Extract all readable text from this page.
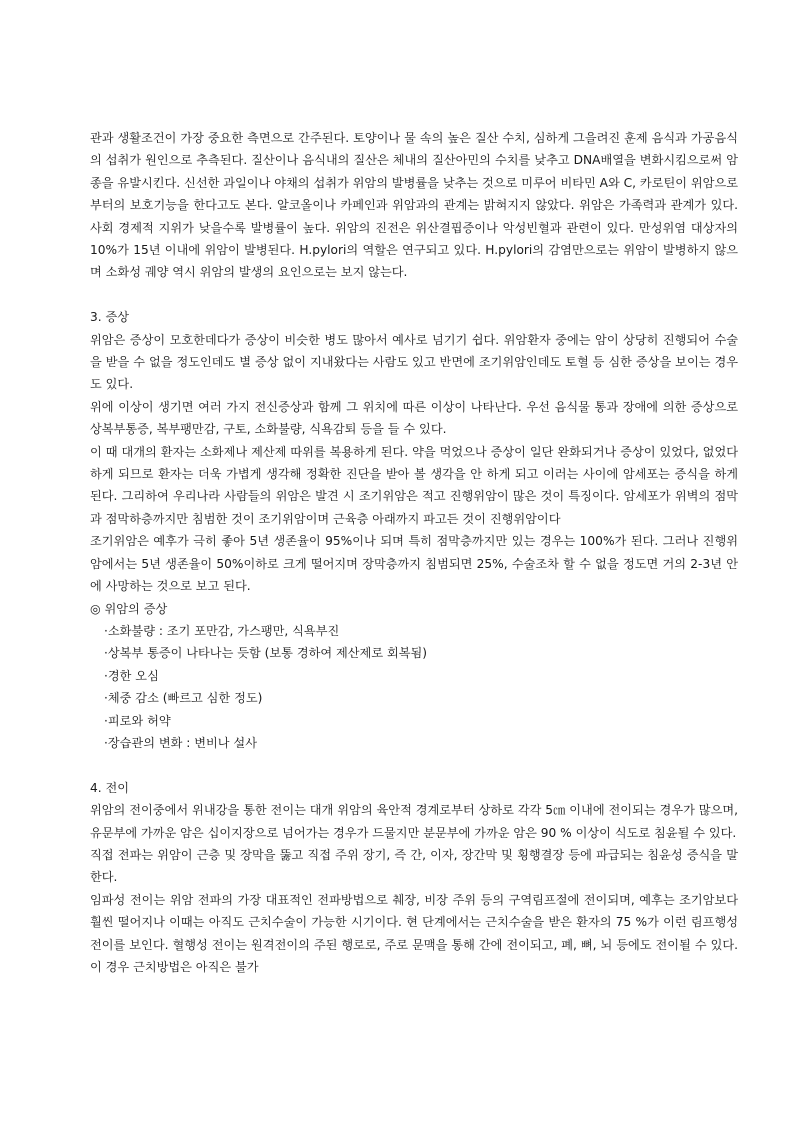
관과 생활조건이 가장 중요한 측면으로 간주된다. 토양이나 물 속의 높은 질산 수치, 심하게 그을려진 훈제 음식과 가공음식의 섭취가 원인으로 추측된다. 질산이나 음식내의 질산은 체내의 질산아민의 수치를 낮추고 DNA배열을 변화시킴으로써 암종을 유발시킨다. 신선한 과일이나 야채의 섭취가 위암의 발병률을 낮추는 것으로 미루어 비타민 A와 C, 카로틴이 위암으로부터의 보호기능을 한다고도 본다. 알코올이나 카페인과 위암과의 관계는 밝혀지지 않았다. 위암은 가족력과 관계가 있다. 사회 경제적 지위가 낮을수록 발병률이 높다. 위암의 진전은 위산결핍증이나 악성빈혈과 관련이 있다. 만성위염 대상자의 10%가 15년 이내에 위암이 발병된다. H.pylori의 역할은 연구되고 있다. H.pylori의 감염만으로는 위암이 발병하지 않으며 소화성 궤양 역시 위암의 발생의 요인으로는 보지 않는다.

3. 증상

위암은 증상이 모호한데다가 증상이 비슷한 병도 많아서 예사로 넘기기 쉽다. 위암환자 중에는 암이 상당히 진행되어 수술을 받을 수 없을 정도인데도 별 증상 없이 지내왔다는 사람도 있고 반면에 조기위암인데도 토혈 등 심한 증상을 보이는 경우도 있다.

위에 이상이 생기면 여러 가지 전신증상과 함께 그 위치에 따른 이상이 나타난다. 우선 음식물 통과 장애에 의한 증상으로 상복부통증, 복부팽만감, 구토, 소화불량, 식욕감퇴 등을 들 수 있다.

이 때 대개의 환자는 소화제나 제산제 따위를 복용하게 된다. 약을 먹었으나 증상이 일단 완화되거나 증상이 있었다, 없었다 하게 되므로 환자는 더욱 가볍게 생각해 정확한 진단을 받아 볼 생각을 안 하게 되고 이러는 사이에 암세포는 증식을 하게 된다. 그리하여 우리나라 사람들의 위암은 발견 시 조기위암은 적고 진행위암이 많은 것이 특징이다. 암세포가 위벽의 점막과 점막하층까지만 침범한 것이 조기위암이며 근육층 아래까지 파고든 것이 진행위암이다

조기위암은 예후가 극히 좋아 5년 생존율이 95%이나 되며 특히 점막층까지만 있는 경우는 100%가 된다. 그러나 진행위암에서는 5년 생존율이 50%이하로 크게 떨어지며 장막층까지 침범되면 25%, 수술조차 할 수 없을 정도면 거의 2-3년 안에 사망하는 것으로 보고 된다.

◎ 위암의 증상

·소화불량 : 조기 포만감, 가스팽만, 식욕부진
·상복부 통증이 나타나는 듯함 (보통 경하여 제산제로 회복됨)
·경한 오심
·체중 감소 (빠르고 심한 정도)
·피로와 허약
·장습관의 변화 : 변비나 설사

4. 전이

위암의 전이중에서 위내강을 통한 전이는 대개 위암의 육안적 경계로부터 상하로 각각 5㎝ 이내에 전이되는 경우가 많으며, 유문부에 가까운 암은 십이지장으로 넘어가는 경우가 드물지만 분문부에 가까운 암은 90 % 이상이 식도로 침윤될 수 있다.

직접 전파는 위암이 근층 및 장막을 뚫고 직접 주위 장기, 즉 간, 이자, 장간막 및 횡행결장 등에 파급되는 침윤성 증식을 말한다.

임파성 전이는 위암 전파의 가장 대표적인 전파방법으로 췌장, 비장 주위 등의 구역림프절에 전이되며, 예후는 조기암보다 훨씬 떨어지나 이때는 아직도 근치수술이 가능한 시기이다. 현 단계에서는 근치수술을 받은 환자의 75 %가 이런 림프행성 전이를 보인다. 혈행성 전이는 원격전이의 주된 행로로, 주로 문맥을 통해 간에 전이되고, 폐, 뼈, 뇌 등에도 전이될 수 있다. 이 경우 근치방법은 아직은 불가
